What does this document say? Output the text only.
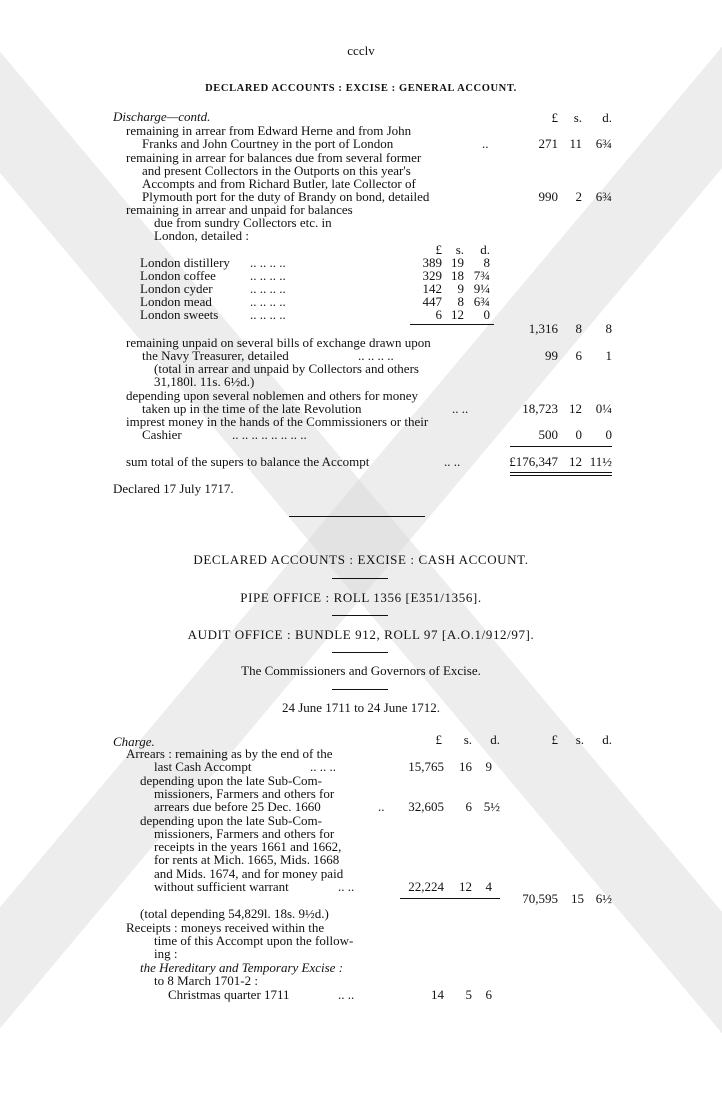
ccclv
DECLARED ACCOUNTS : EXCISE : GENERAL ACCOUNT.
£	s.	d.
Discharge—contd.
remaining in arrear from Edward Herne and from John
Franks and John Courtney in the port of London	..	271 11	6¾
remaining in arrear for balances due from several former
and present Collectors in the Outports on this year's
Accompts and from Richard Butler, late Collector of
Plymouth port for the duty of Brandy on bond, detailed	990	2	6¾
remaining in arrear and unpaid for balances
due from sundry Collectors etc. in
London, detailed :
£	s.	d.
London distillery .. .. .. ..	389 19	8
London coffee	.. .. .. ..	329 18 7¾
London cyder	.. .. .. ..	142	9 9¼
London mead	.. .. .. ..	447	8 6¾
London sweets .. .. .. ..	6 12	0
1,316	8	8
remaining unpaid on several bills of exchange drawn upon
the Navy Treasurer, detailed	.. .. .. ..	99	6	1
(total in arrear and unpaid by Collectors and others
31,180l. 11s. 6½d.)
depending upon several noblemen and others for money
taken up in the time of the late Revolution	.. ..	18,723 12	0¼
imprest money in the hands of the Commissioners or their
Cashier	.. .. .. .. .. .. .. ..	500	0	0
sum total of the supers to balance the Accompt	.. ..	£176,347 12 11½
Declared 17 July 1717.
DECLARED ACCOUNTS : EXCISE : CASH ACCOUNT.
PIPE OFFICE : ROLL 1356 [E351/1356].
AUDIT OFFICE : BUNDLE 912, ROLL 97 [A.O.1/912/97].
The Commissioners and Governors of Excise.
24 June 1711 to 24 June 1712.
Charge.	£	s.	d.	£	s.	d.
Arrears : remaining as by the end of the
last Cash Accompt	.. .. ..	15,765	16	9
depending upon the late Sub-Com-
missioners, Farmers and others for
arrears due before 25 Dec. 1660	..	32,605	6 5½
depending upon the late Sub-Com-
missioners, Farmers and others for
receipts in the years 1661 and 1662,
for rents at Mich. 1665, Mids. 1668
and Mids. 1674, and for money paid
without sufficient warrant	.. ..	22,224	12	4
70,595	15 6½
(total depending 54,829l. 18s. 9½d.)
Receipts : moneys received within the
time of this Accompt upon the follow-
ing :
the Hereditary and Temporary Excise :
to 8 March 1701-2 :
Christmas quarter 1711	.. ..	14	5	6
